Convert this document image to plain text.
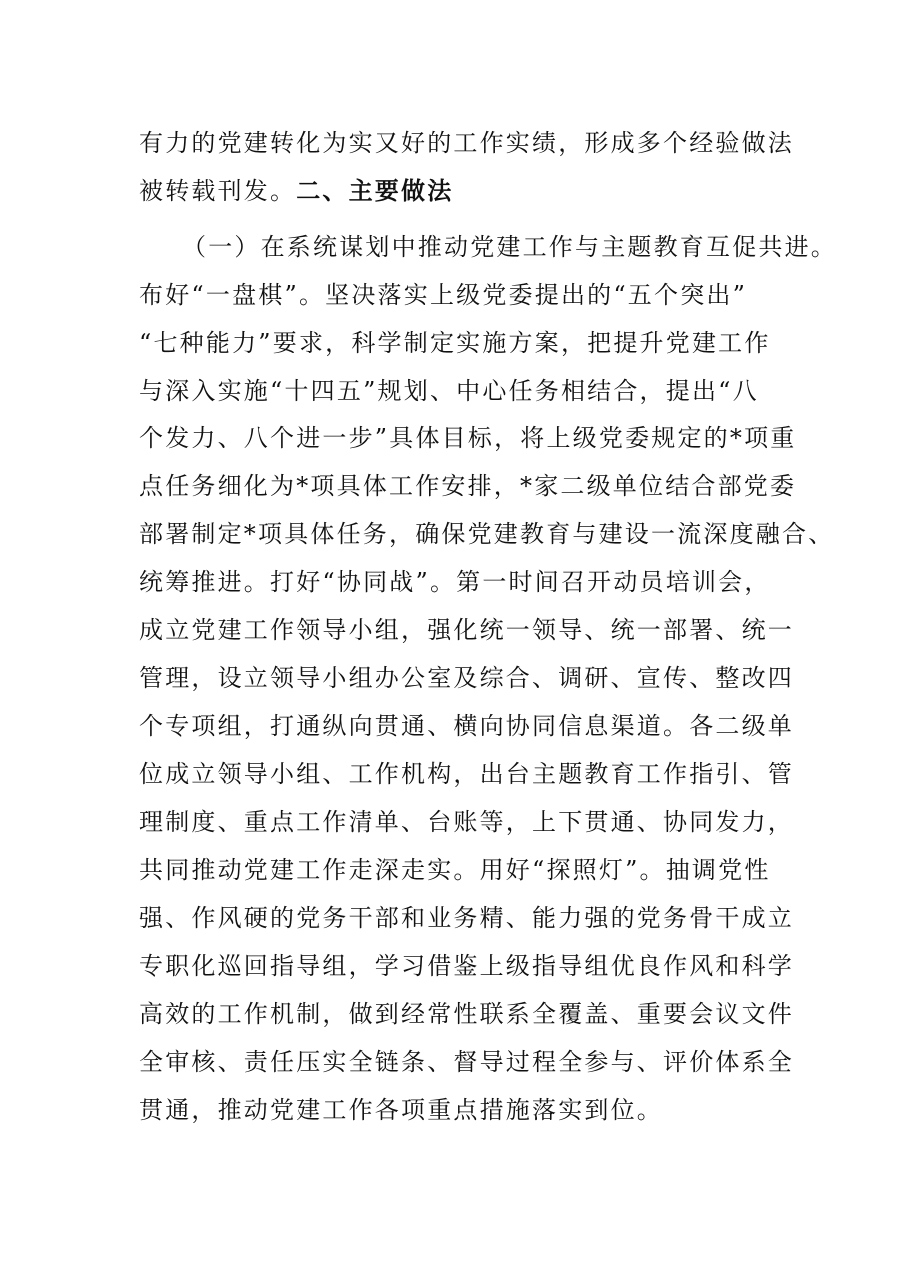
有力的党建转化为实又好的工作实绩，形成多个经验做法
被转载刊发。二、主要做法
（一）在系统谋划中推动党建工作与主题教育互促共进。
布好“一盘棋”。坚决落实上级党委提出的“五个突出”
“七种能力”要求，科学制定实施方案，把提升党建工作
与深入实施“十四五”规划、中心任务相结合，提出“八
个发力、八个进一步”具体目标，将上级党委规定的*项重
点任务细化为*项具体工作安排，*家二级单位结合部党委
部署制定*项具体任务，确保党建教育与建设一流深度融合、
统筹推进。打好“协同战”。第一时间召开动员培训会，
成立党建工作领导小组，强化统一领导、统一部署、统一
管理，设立领导小组办公室及综合、调研、宣传、整改四
个专项组，打通纵向贯通、横向协同信息渠道。各二级单
位成立领导小组、工作机构，出台主题教育工作指引、管
理制度、重点工作清单、台账等，上下贯通、协同发力，
共同推动党建工作走深走实。用好“探照灯”。抽调党性
强、作风硬的党务干部和业务精、能力强的党务骨干成立
专职化巡回指导组，学习借鉴上级指导组优良作风和科学
高效的工作机制，做到经常性联系全覆盖、重要会议文件
全审核、责任压实全链条、督导过程全参与、评价体系全
贯通，推动党建工作各项重点措施落实到位。
